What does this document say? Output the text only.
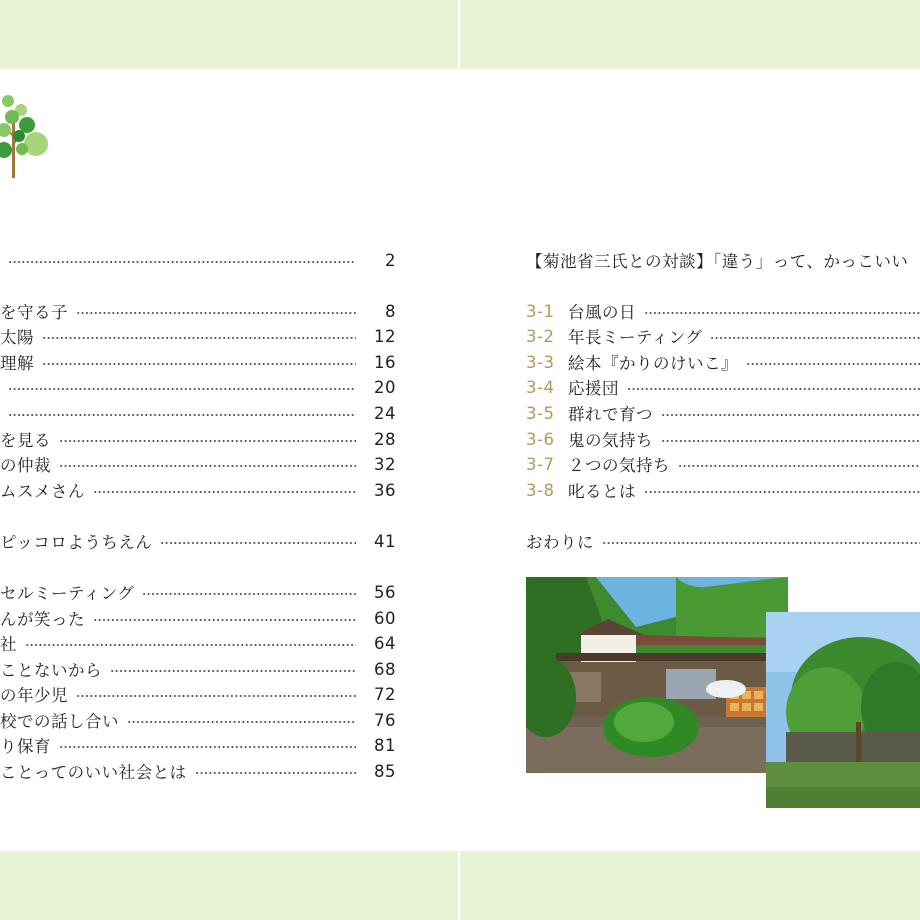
2
を守る子	8
太陽	12
理解	16
20
24
を見る	28
の仲裁	32
ムスメさん	36
ピッコロようちえん	41
セルミーティング	56
んが笑った	60
社	64
ことないから	68
の年少児	72
校での話し合い	76
り保育	81
ことってのいい社会とは	85
【菊池省三氏との対談】「違う」って、かっこいい
3-1 台風の日
3-2 年長ミーティング
3-3 絵本『かりのけいこ』
3-4 応援団
3-5 群れで育つ
3-6 鬼の気持ち
3-7 ２つの気持ち
3-8 叱るとは
おわりに
